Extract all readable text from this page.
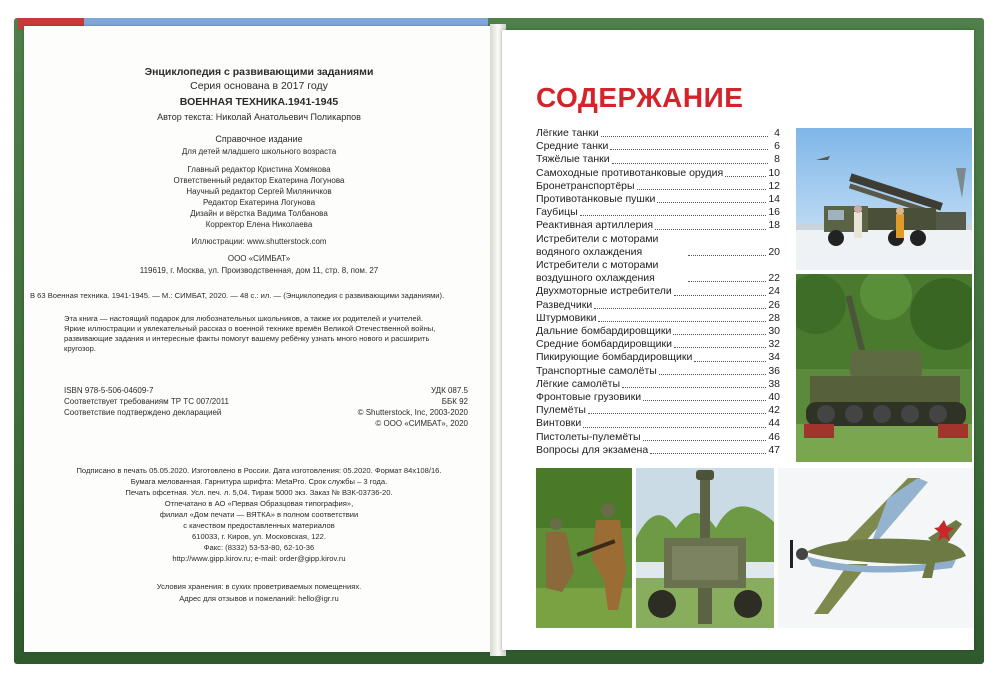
Энциклопедия с развивающими заданиями
Серия основана в 2017 году
ВОЕННАЯ ТЕХНИКА.1941-1945
Автор текста: Николай Анатольевич Поликарпов
Справочное издание
Для детей младшего школьного возраста
Главный редактор Кристина Хомякова
Ответственный редактор Екатерина Логунова
Научный редактор Сергей Миляничков
Редактор Екатерина Логунова
Дизайн и вёрстка Вадима Толбанова
Корректор Елена Николаева
Иллюстрации: www.shutterstock.com
ООО «СИМБАТ»
119619, г. Москва, ул. Производственная, дом 11, стр. 8, пом. 27
В 63 Военная техника. 1941-1945. — М.: СИМБАТ, 2020. — 48 с.: ил. — (Энциклопедия с развивающими заданиями).
Эта книга — настоящий подарок для любознательных школьников, а также их родителей и учителей.
Яркие иллюстрации и увлекательный рассказ о военной технике времён Великой Отечественной войны,
развивающие задания и интересные факты помогут вашему ребёнку узнать много нового и расширить
кругозор.
ISBN 978-5-506-04609-7
Соответствует требованиям ТР ТС 007/2011
Соответствие подтверждено декларацией
УДК 087.5
ББК 92
© Shutterstock, Inc, 2003-2020
© ООО «СИМБАТ», 2020
Подписано в печать 05.05.2020. Изготовлено в России. Дата изготовления: 05.2020. Формат 84х108/16.
Бумага мелованная. Гарнитура шрифта: MetaPro. Срок службы – 3 года.
Печать офсетная. Усл. печ. л. 5,04. Тираж 5000 экз. Заказ № ВЗК-03736-20.
Отпечатано в АО «Первая Образцовая типография»,
филиал «Дом печати — ВЯТКА» в полном соответствии
с качеством предоставленных материалов
610033, г. Киров, ул. Московская, 122.
Факс: (8332) 53-53-80, 62-10-36
http://www.gipp.kirov.ru; e-mail: order@gipp.kirov.ru
Условия хранения: в сухих проветриваемых помещениях.
Адрес для отзывов и пожеланий: hello@igr.ru
СОДЕРЖАНИЕ
Лёгкие танки	4
Средние танки	6
Тяжёлые танки	8
Самоходные противотанковые орудия	10
Бронетранспортёры	12
Противотанковые пушки	14
Гаубицы	16
Реактивная артиллерия	18
Истребители с моторами водяного охлаждения	20
Истребители с моторами воздушного охлаждения	22
Двухмоторные истребители	24
Разведчики	26
Штурмовики	28
Дальние бомбардировщики	30
Средние бомбардировщики	32
Пикирующие бомбардировщики	34
Транспортные самолёты	36
Лёгкие самолёты	38
Фронтовые грузовики	40
Пулемёты	42
Винтовки	44
Пистолеты-пулемёты	46
Вопросы для экзамена	47
